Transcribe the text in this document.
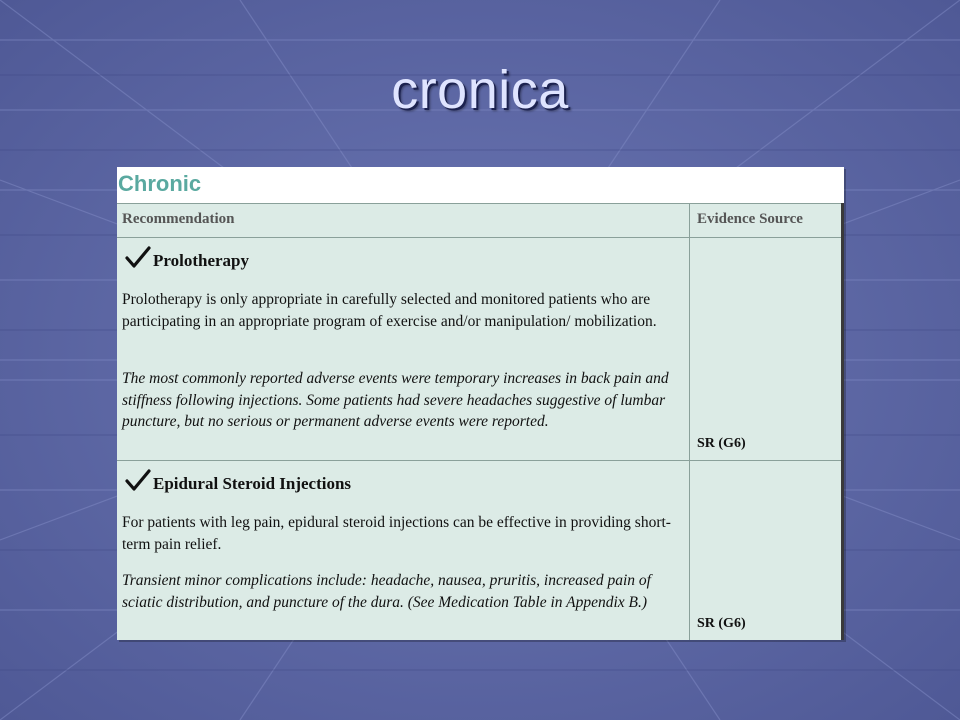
cronica
Chronic
Recommendation	Evidence Source
Prolotherapy
Prolotherapy is only appropriate in carefully selected and monitored patients who are participating in an appropriate program of exercise and/or manipulation/ mobilization.
The most commonly reported adverse events were temporary increases in back pain and stiffness following injections. Some patients had severe headaches suggestive of lumbar puncture, but no serious or permanent adverse events were reported.
SR (G6)
Epidural Steroid Injections
For patients with leg pain, epidural steroid injections can be effective in providing short-term pain relief.
Transient minor complications include: headache, nausea, pruritis, increased pain of sciatic distribution, and puncture of the dura. (See Medication Table in Appendix B.)
SR (G6)
